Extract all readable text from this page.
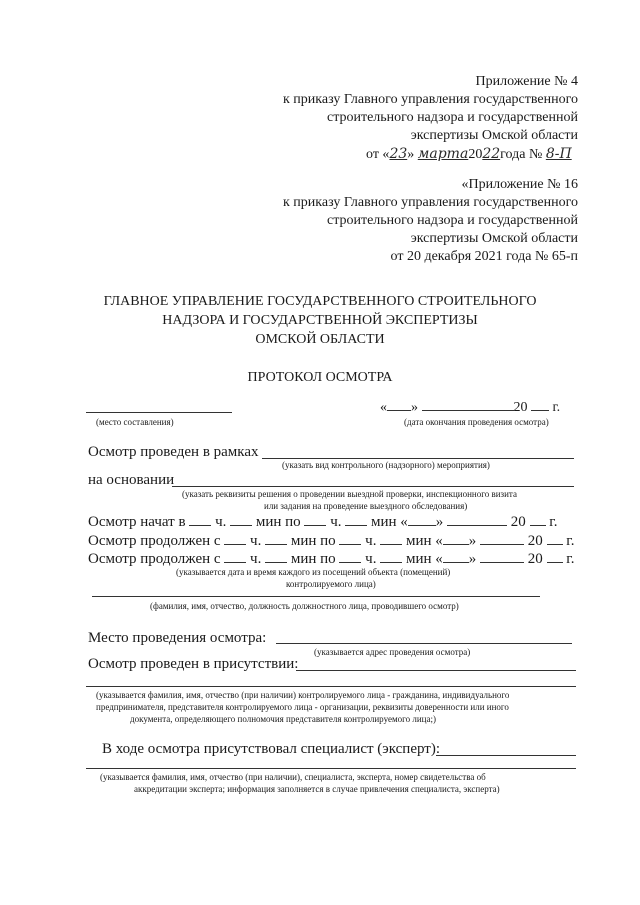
Приложение № 4
к приказу Главного управления государственного
строительного надзора и государственной
экспертизы Омской области
от «23» марта2022года № 8-П
«Приложение № 16
к приказу Главного управления государственного
строительного надзора и государственной
экспертизы Омской области
от 20 декабря 2021 года № 65-п
ГЛАВНОЕ УПРАВЛЕНИЕ ГОСУДАРСТВЕННОГО СТРОИТЕЛЬНОГО
НАДЗОРА И ГОСУДАРСТВЕННОЙ ЭКСПЕРТИЗЫ
ОМСКОЙ ОБЛАСТИ
ПРОТОКОЛ ОСМОТРА
(место составления)
« »	20 г.
(дата окончания проведения осмотра)
Осмотр проведен в рамках
(указать вид контрольного (надзорного) мероприятия)
на основании
(указать реквизиты решения о проведении выездной проверки, инспекционного визита
или задания на проведение выездного обследования)
Осмотр начат в ч. мин по ч. мин « »	20 г.
Осмотр продолжен с ч. мин по ч. мин « »	20 г.
Осмотр продолжен с ч. мин по ч. мин « »	20 г.
(указывается дата и время каждого из посещений объекта (помещений)
контролируемого лица)
(фамилия, имя, отчество, должность должностного лица, проводившего осмотр)
Место проведения осмотра:
(указывается адрес проведения осмотра)
Осмотр проведен в присутствии:
(указывается фамилия, имя, отчество (при наличии) контролируемого лица - гражданина, индивидуального
предпринимателя, представителя контролируемого лица - организации, реквизиты доверенности или иного
документа, определяющего полномочия представителя контролируемого лица;)
В ходе осмотра присутствовал специалист (эксперт):
(указывается фамилия, имя, отчество (при наличии), специалиста, эксперта, номер свидетельства об
аккредитации эксперта; информация заполняется в случае привлечения специалиста, эксперта)
